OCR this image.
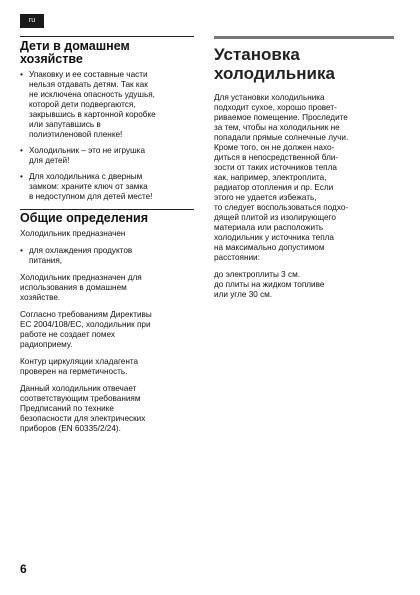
ru
Дети в домашнем
хозяйстве
• Упаковку и ее составные части
нельзя отдавать детям. Так как
не исключена опасность удушья,
которой дети подвергаются,
закрывшись в картонной коробке
или запутавшись в
полиэтиленовой пленке!
• Холодильник – это не игрушка
для детей!
• Для холодильника с дверным
замком: храните ключ от замка
в недоступном для детей месте!
Общие определения

Холодильник предназначен

• для охлаждения продуктов
питания,

Холодильник предназначен для
использования в домашнем
хозяйстве.

Согласно требованиям Директивы
EC 2004/108/EC, холодильник при
работе не создает помех
радиоприему.

Контур циркуляции хладагента
проверен на герметичность.

Данный холодильник отвечает
соответствующим требованиям
Предписаний по технике
безопасности для электрических
приборов (EN 60335/2/24).

Установка
холодильника

Для установки холодильника
подходит сухое, хорошо провет-
риваемое помещение. Проследите
за тем, чтобы на холодильник не
попадали прямые солнечные лучи.
Кроме того, он не должен нахо-
диться в непосредственной бли-
зости от таких источников тепла
как, например, электроплита,
радиатор отопления и пр. Если
этого не удается избежать,
то следует воспользоваться подхо-
дящей плитой из изолирующего
материала или расположить
холодильник у источника тепла
на максимально допустимом
расстоянии:

до электроплиты 3 см.
до плиты на жидком топливе
или угле 30 см.

6
